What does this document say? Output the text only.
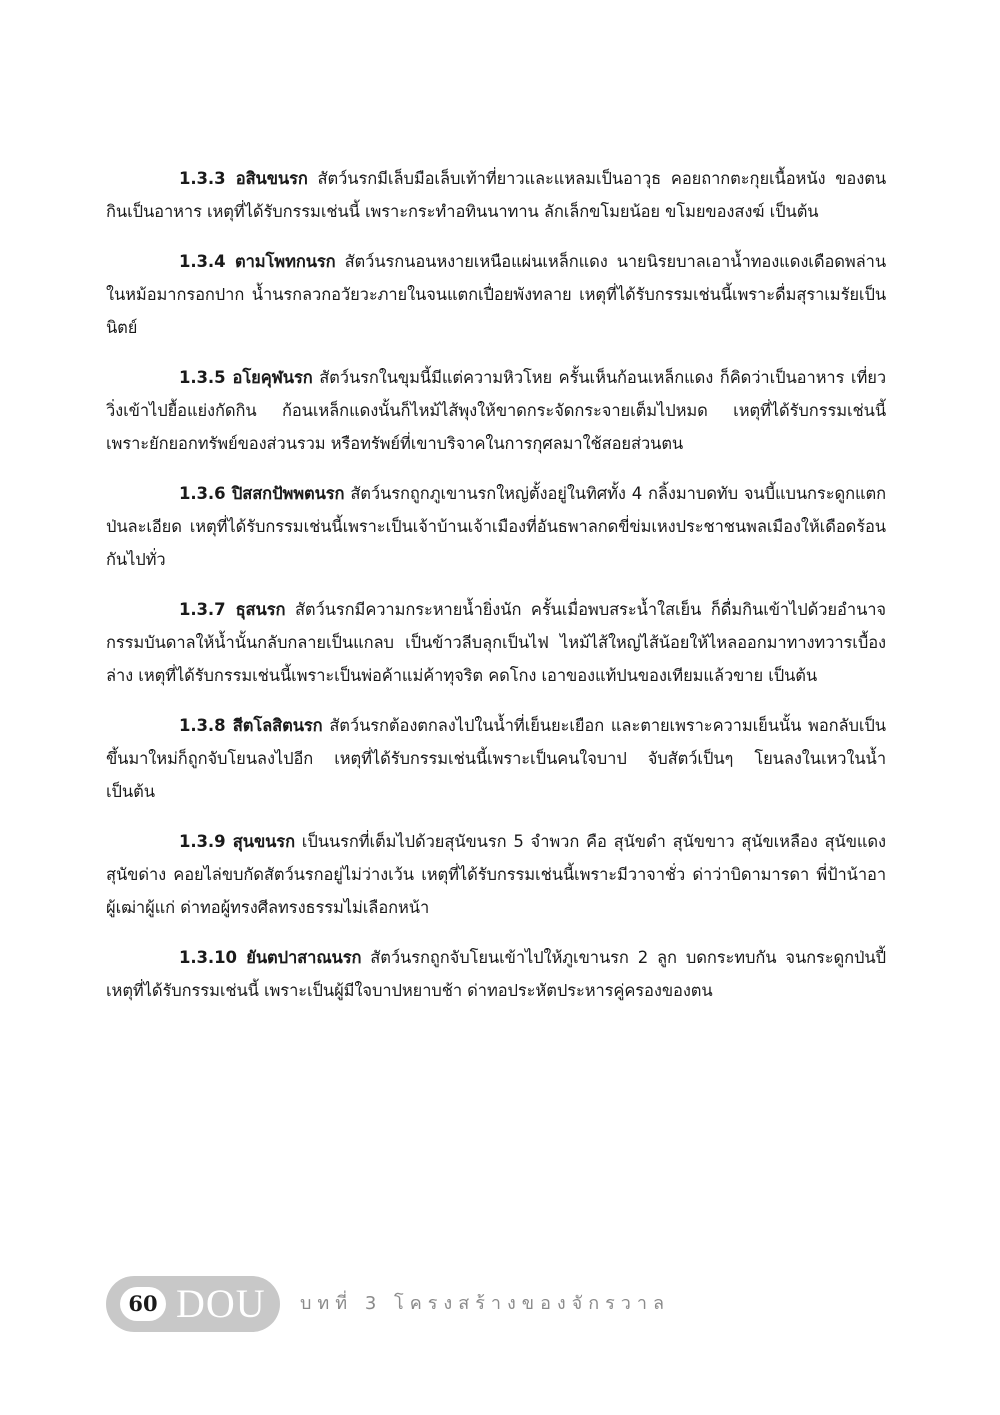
1.3.3 อสินขนรก สัตว์นรกมีเล็บมือเล็บเท้าที่ยาวและแหลมเป็นอาวุธ คอยถากตะกุยเนื้อหนัง ของตนกินเป็นอาหาร เหตุที่ได้รับกรรมเช่นนี้ เพราะกระทำอทินนาทาน ลักเล็กขโมยน้อย ขโมยของสงฆ์ เป็นต้น

1.3.4 ตามโพทกนรก สัตว์นรกนอนหงายเหนือแผ่นเหล็กแดง นายนิรยบาลเอาน้ำทองแดงเดือดพล่านในหม้อมากรอกปาก น้ำนรกลวกอวัยวะภายในจนแตกเปื่อยพังทลาย เหตุที่ได้รับกรรมเช่นนี้เพราะดื่มสุราเมรัยเป็นนิตย์

1.3.5 อโยคุฬนรก สัตว์นรกในขุมนี้มีแต่ความหิวโหย ครั้นเห็นก้อนเหล็กแดง ก็คิดว่าเป็นอาหาร เที่ยววิ่งเข้าไปยื้อแย่งกัดกิน ก้อนเหล็กแดงนั้นก็ไหม้ไส้พุงให้ขาดกระจัดกระจายเต็มไปหมด เหตุที่ได้รับกรรมเช่นนี้ เพราะยักยอกทรัพย์ของส่วนรวม หรือทรัพย์ที่เขาบริจาคในการกุศลมาใช้สอยส่วนตน

1.3.6 ปิสสกปัพพตนรก สัตว์นรกถูกภูเขานรกใหญ่ตั้งอยู่ในทิศทั้ง 4 กลิ้งมาบดทับ จนบี้แบนกระดูกแตกป่นละเอียด เหตุที่ได้รับกรรมเช่นนี้เพราะเป็นเจ้าบ้านเจ้าเมืองที่อันธพาลกดขี่ข่มเหงประชาชนพลเมืองให้เดือดร้อนกันไปทั่ว

1.3.7 ธุสนรก สัตว์นรกมีความกระหายน้ำยิ่งนัก ครั้นเมื่อพบสระน้ำใสเย็น ก็ดื่มกินเข้าไปด้วยอำนาจกรรมบันดาลให้น้ำนั้นกลับกลายเป็นแกลบ เป็นข้าวลีบลุกเป็นไฟ ไหม้ไส้ใหญ่ไส้น้อยให้ไหลออกมาทางทวารเบื้องล่าง เหตุที่ได้รับกรรมเช่นนี้เพราะเป็นพ่อค้าแม่ค้าทุจริต คดโกง เอาของแท้ปนของเทียมแล้วขาย เป็นต้น

1.3.8 สีตโลสิตนรก สัตว์นรกต้องตกลงไปในน้ำที่เย็นยะเยือก และตายเพราะความเย็นนั้น พอกลับเป็นขึ้นมาใหม่ก็ถูกจับโยนลงไปอีก เหตุที่ได้รับกรรมเช่นนี้เพราะเป็นคนใจบาป จับสัตว์เป็นๆ โยนลงในเหวในน้ำ เป็นต้น

1.3.9 สุนขนรก เป็นนรกที่เต็มไปด้วยสุนัขนรก 5 จำพวก คือ สุนัขดำ สุนัขขาว สุนัขเหลือง สุนัขแดง สุนัขด่าง คอยไล่ขบกัดสัตว์นรกอยู่ไม่ว่างเว้น เหตุที่ได้รับกรรมเช่นนี้เพราะมีวาจาชั่ว ด่าว่าบิดามารดา พี่ป้าน้าอา ผู้เฒ่าผู้แก่ ด่าทอผู้ทรงศีลทรงธรรมไม่เลือกหน้า

1.3.10 ยันตปาสาณนรก สัตว์นรกถูกจับโยนเข้าไปให้ภูเขานรก 2 ลูก บดกระทบกัน จนกระดูกป่นปี้ เหตุที่ได้รับกรรมเช่นนี้ เพราะเป็นผู้มีใจบาปหยาบช้า ด่าทอประหัตประหารคู่ครองของตน

60 DOU บทที่ 3 โครงสร้างของจักรวาล
